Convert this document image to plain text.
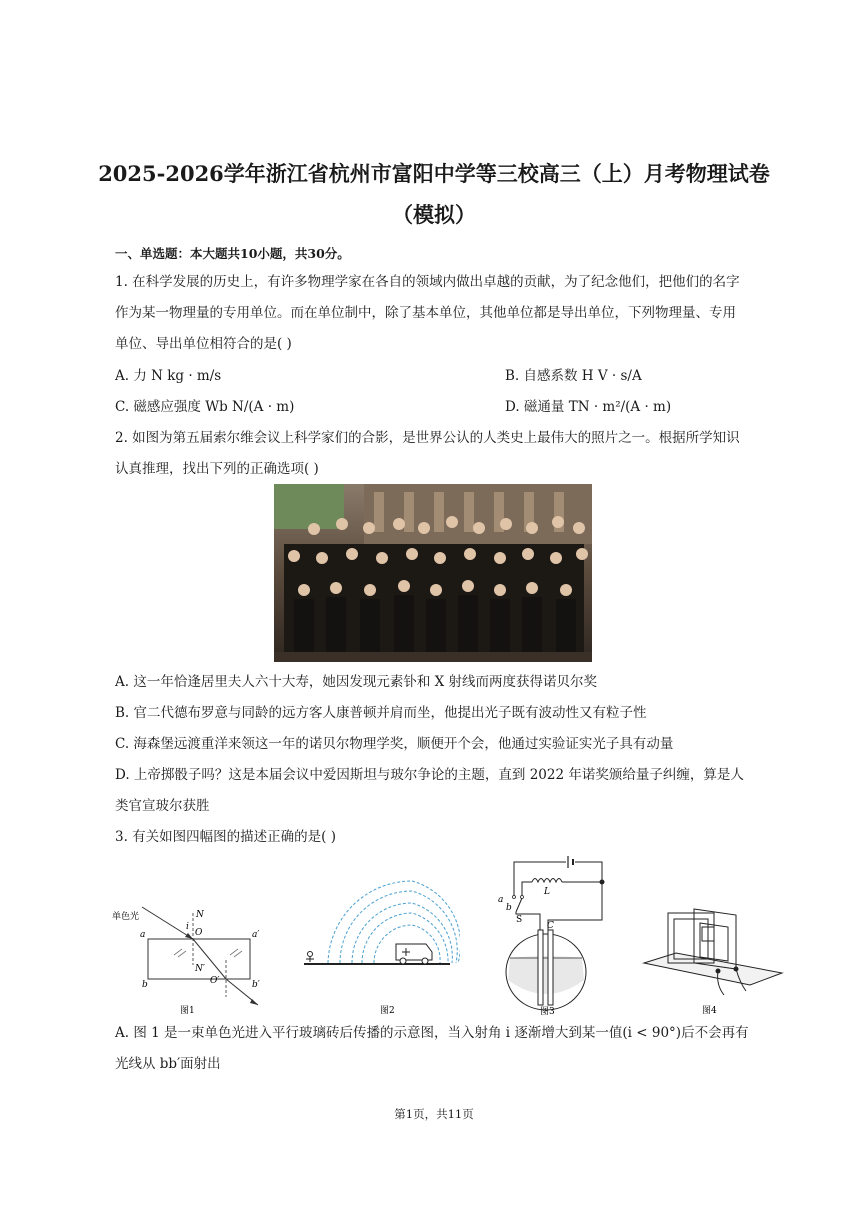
2025-2026学年浙江省杭州市富阳中学等三校高三（上）月考物理试卷
（模拟）
一、单选题：本大题共10小题，共30分。
1. 在科学发展的历史上，有许多物理学家在各自的领域内做出卓越的贡献，为了纪念他们，把他们的名字
作为某一物理量的专用单位。而在单位制中，除了基本单位，其他单位都是导出单位，下列物理量、专用
单位、导出单位相符合的是( )
A. 力 N kg · m/s	B. 自感系数 H V · s/A
C. 磁感应强度 Wb N/(A · m)	D. 磁通量 TN · m²/(A · m)
2. 如图为第五届索尔维会议上科学家们的合影，是世界公认的人类史上最伟大的照片之一。根据所学知识
认真推理，找出下列的正确选项( )
A. 这一年恰逢居里夫人六十大寿，她因发现元素钋和 X 射线而两度获得诺贝尔奖
B. 官二代德布罗意与同龄的远方客人康普顿并肩而坐，他提出光子既有波动性又有粒子性
C. 海森堡远渡重洋来领这一年的诺贝尔物理学奖，顺便开个会，他通过实验证实光子具有动量
D. 上帝掷骰子吗？这是本届会议中爱因斯坦与玻尔争论的主题，直到 2022 年诺奖颁给量子纠缠，算是人
类官宣玻尔获胜
3. 有关如图四幅图的描述正确的是( )
单色光
a	a′
b	b′
N
i
O
N′
O′
图1	图2
a
b
S
L
C
图3	图4
A. 图 1 是一束单色光进入平行玻璃砖后传播的示意图，当入射角 i 逐渐增大到某一值(i < 90°)后不会再有
光线从 bb′面射出
第1页，共11页
